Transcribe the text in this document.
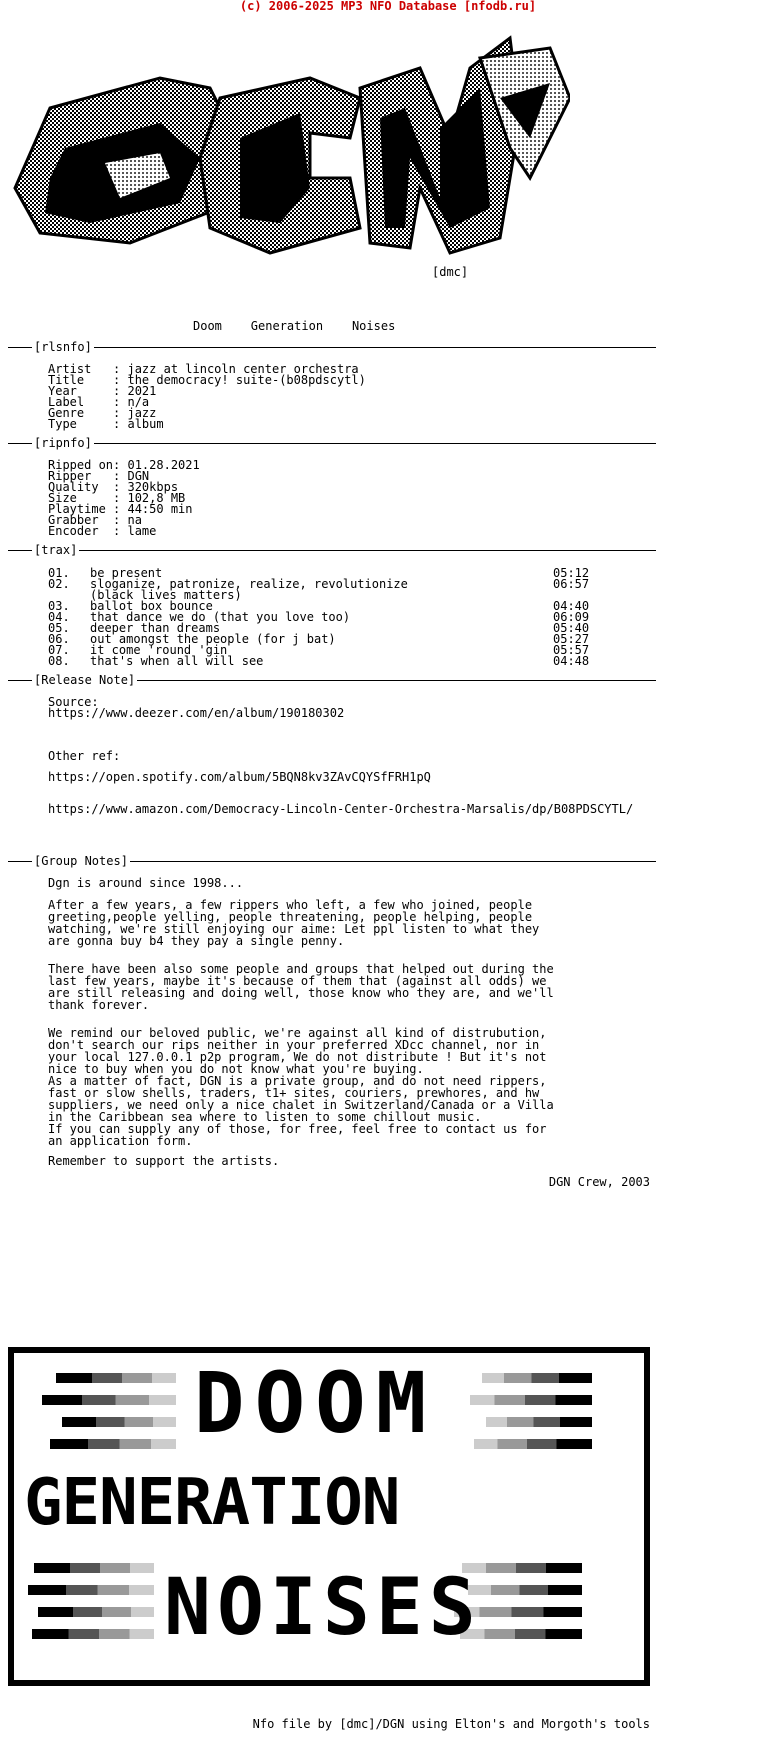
(c) 2006-2025 MP3 NFO Database [nfodb.ru]
[dmc]
Doom    Generation    Noises
[rlsnfo]
Artist   : jazz at lincoln center orchestra
Title    : the democracy! suite-(b08pdscytl)
Year     : 2021
Label    : n/a
Genre    : jazz
Type     : album
[ripnfo]
Ripped on: 01.28.2021
Ripper   : DGN
Quality  : 320kbps
Size     : 102,8 MB
Playtime : 44:50 min
Grabber  : na
Encoder  : lame
[trax]
01. be present	05:12
02. sloganize, patronize, realize, revolutionize	06:57
(black lives matters)
03. ballot box bounce	04:40
04. that dance we do (that you love too)	06:09
05. deeper than dreams	05:40
06. out amongst the people (for j bat)	05:27
07. it come 'round 'gin	05:57
08. that's when all will see	04:48
[Release Note]
Source:
https://www.deezer.com/en/album/190180302
Other ref:
https://open.spotify.com/album/5BQN8kv3ZAvCQYSfFRH1pQ
https://www.amazon.com/Democracy-Lincoln-Center-Orchestra-Marsalis/dp/B08PDSCYTL/
[Group Notes]
Dgn is around since 1998...
After a few years, a few rippers who left, a few who joined, people
greeting,people yelling, people threatening, people helping, people
watching, we're still enjoying our aime: Let ppl listen to what they
are gonna buy b4 they pay a single penny.
There have been also some people and groups that helped out during the
last few years, maybe it's because of them that (against all odds) we
are still releasing and doing well, those know who they are, and we'll
thank forever.
We remind our beloved public, we're against all kind of distrubution,
don't search our rips neither in your preferred XDcc channel, nor in
your local 127.0.0.1 p2p program, We do not distribute ! But it's not
nice to buy when you do not know what you're buying.
As a matter of fact, DGN is a private group, and do not need rippers,
fast or slow shells, traders, t1+ sites, couriers, prewhores, and hw
suppliers, we need only a nice chalet in Switzerland/Canada or a Villa
in the Caribbean sea where to listen to some chillout music.
If you can supply any of those, for free, feel free to contact us for
an application form.
Remember to support the artists.
DGN Crew, 2003
DOOM
GENERATION
NOISES
Nfo file by [dmc]/DGN using Elton's and Morgoth's tools
